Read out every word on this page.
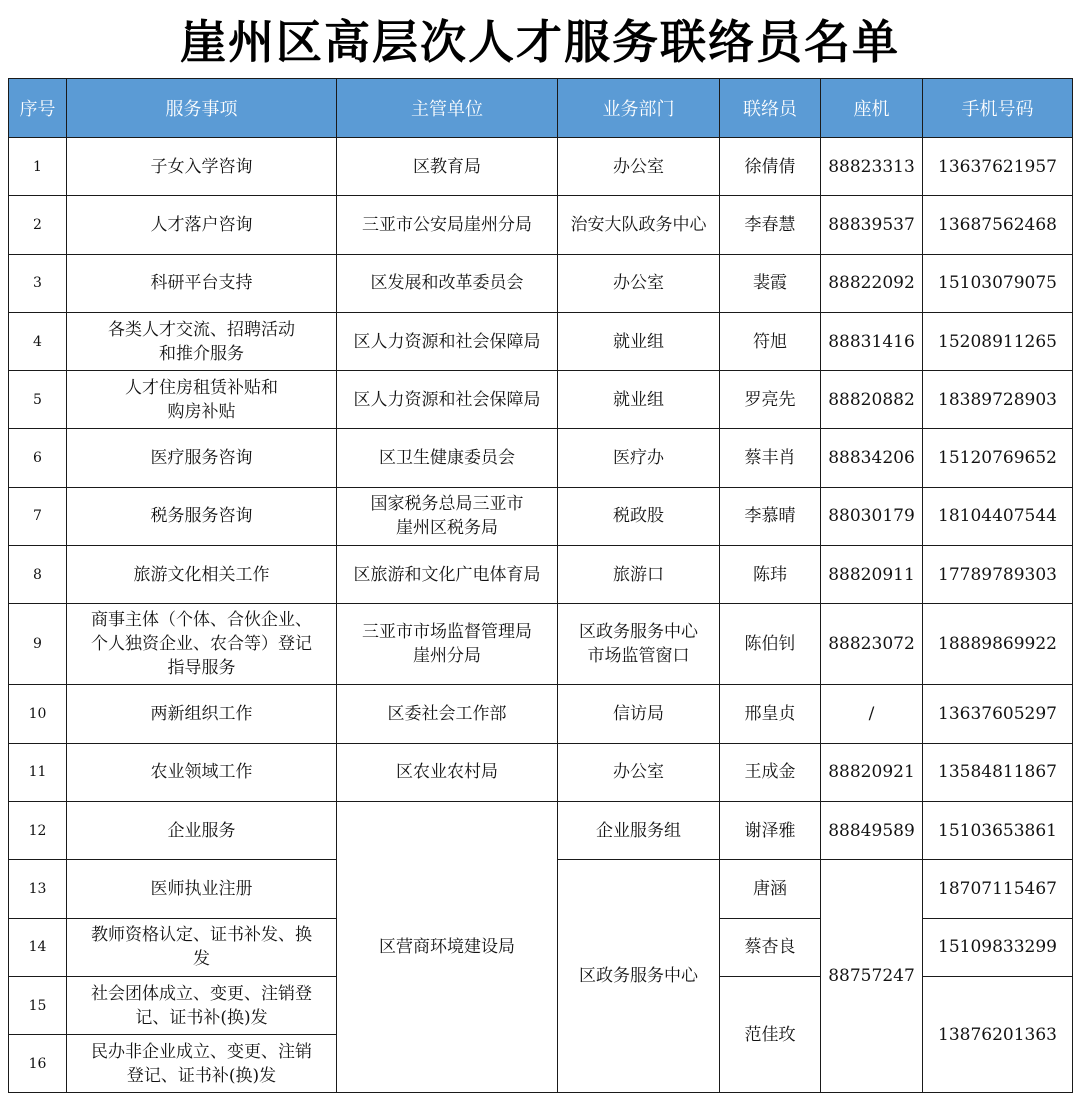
崖州区高层次人才服务联络员名单
序号	服务事项	主管单位	业务部门	联络员	座机	手机号码
1	子女入学咨询	区教育局	办公室	徐倩倩	88823313	13637621957
2	人才落户咨询	三亚市公安局崖州分局	治安大队政务中心	李春慧	88839537	13687562468
3	科研平台支持	区发展和改革委员会	办公室	裴霞	88822092	15103079075
4	各类人才交流、招聘活动
和推介服务	区人力资源和社会保障局	就业组	符旭	88831416	15208911265
5	人才住房租赁补贴和
购房补贴	区人力资源和社会保障局	就业组	罗亮先	88820882	18389728903
6	医疗服务咨询	区卫生健康委员会	医疗办	蔡丰肖	88834206	15120769652
7	税务服务咨询	国家税务总局三亚市
崖州区税务局	税政股	李慕晴	88030179	18104407544
8	旅游文化相关工作	区旅游和文化广电体育局	旅游口	陈玮	88820911	17789789303
9	商事主体（个体、合伙企业、
个人独资企业、农合等）登记
指导服务	三亚市市场监督管理局
崖州分局	区政务服务中心
市场监管窗口	陈伯钊	88823072	18889869922
10	两新组织工作	区委社会工作部	信访局	邢皇贞	/	13637605297
11	农业领域工作	区农业农村局	办公室	王成金	88820921	13584811867
12	企业服务	区营商环境建设局	企业服务组	谢泽雅	88849589	15103653861
13	医师执业注册		区政务服务中心	唐涵	88757247	18707115467
14	教师资格认定、证书补发、换
发			蔡杏良		15109833299
15	社会团体成立、变更、注销登
记、证书补(换)发			范佳玫		13876201363
16	民办非企业成立、变更、注销
登记、证书补(换)发					
